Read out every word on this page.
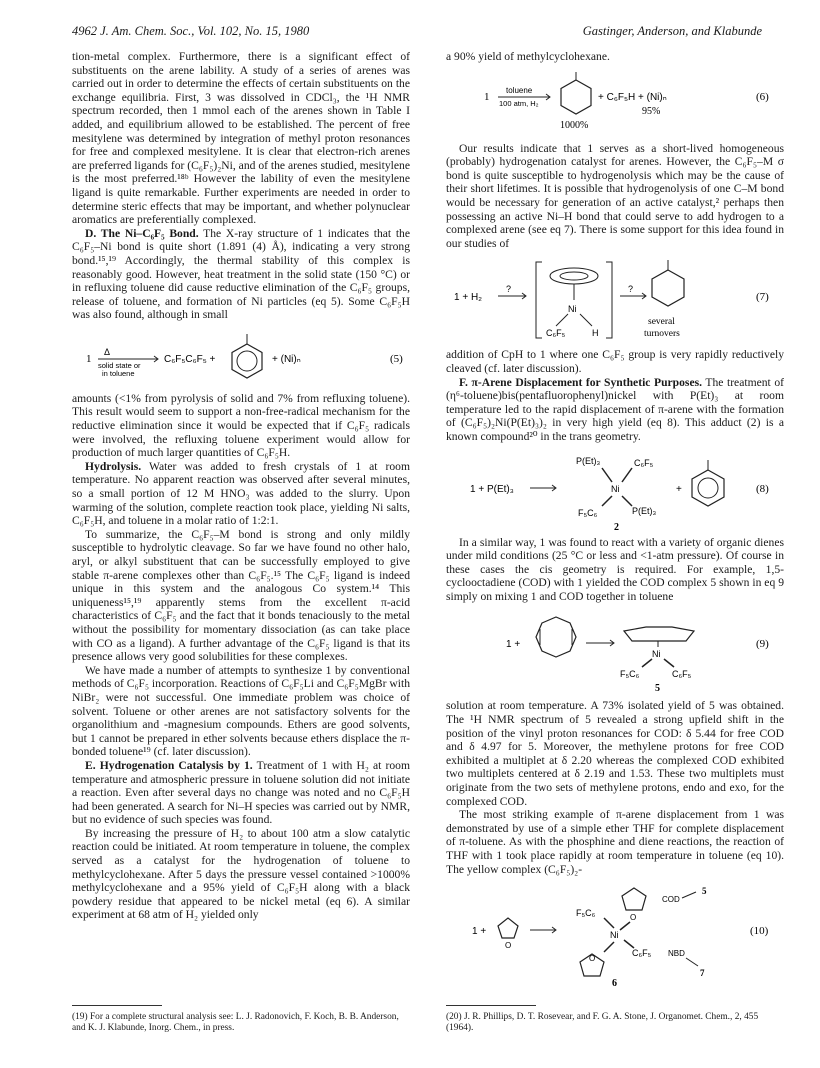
4962 J. Am. Chem. Soc., Vol. 102, No. 15, 1980	Gastinger, Anderson, and Klabunde

tion-metal complex. Furthermore, there is a significant effect of substituents on the arene lability. A study of a series of arenes was carried out in order to determine the effects of certain substituents on the exchange equilibria. First, 3 was dissolved in CDCl₃, the ¹H NMR spectrum recorded, then 1 mmol each of the arenes shown in Table I added, and equilibrium allowed to be established. The percent of free mesitylene was determined by integration of methyl proton resonances for free and complexed mesitylene. It is clear that electron-rich arenes are preferred ligands for (C₆F₅)₂Ni, and of the arenes studied, mesitylene is the most preferred.¹⁸ᵇ However the lability of even the mesitylene ligand is quite remarkable. Further experiments are needed in order to determine steric effects that may be important, and whether polynuclear aromatics are preferentially complexed.

D. The Ni–C₆F₅ Bond. The X-ray structure of 1 indicates that the C₆F₅–Ni bond is quite short (1.891 (4) Å), indicating a very strong bond.¹⁵,¹⁹ Accordingly, the thermal stability of this complex is reasonably good. However, heat treatment in the solid state (150 °C) or in refluxing toluene did cause reductive elimination of the C₆F₅ groups, release of toluene, and formation of Ni particles (eq 5). Some C₆F₅H was also found, although in small

1
Δ
solid state or
in toluene
C₆F₅C₆F₅ +	+ (Ni)ₙ	(5)

amounts (<1% from pyrolysis of solid and 7% from refluxing toluene). This result would seem to support a non-free-radical mechanism for the reductive elimination since it would be expected that if C₆F₅ radicals were involved, the refluxing toluene experiment would allow for production of much larger quantities of C₆F₅H.

Hydrolysis. Water was added to fresh crystals of 1 at room temperature. No apparent reaction was observed after several minutes, so a small portion of 12 M HNO₃ was added to the slurry. Upon warming of the solution, complete reaction took place, yielding Ni salts, C₆F₅H, and toluene in a molar ratio of 1:2:1.

To summarize, the C₆F₅–M bond is strong and only mildly susceptible to hydrolytic cleavage. So far we have found no other halo, aryl, or alkyl substituent that can be successfully employed to give stable π-arene complexes other than C₆F₅.¹⁵ The C₆F₅ ligand is indeed unique in this system and the analogous Co system.¹⁴ This uniqueness¹⁵,¹⁹ apparently stems from the excellent π-acid characteristics of C₆F₅ and the fact that it bonds tenaciously to the metal without the possibility for momentary dissociation (as can take place with CO as a ligand). A further advantage of the C₆F₅ ligand is that its presence allows very good solubilities for these complexes.

We have made a number of attempts to synthesize 1 by conventional methods of C₆F₅ incorporation. Reactions of C₆F₅Li and C₆F₅MgBr with NiBr₂ were not successful. One immediate problem was choice of solvent. Toluene or other arenes are not satisfactory solvents for the organolithium and -magnesium compounds. Ethers are good solvents, but 1 cannot be prepared in ether solvents because ethers displace the π-bonded toluene¹⁹ (cf. later discussion).

E. Hydrogenation Catalysis by 1. Treatment of 1 with H₂ at room temperature and atmospheric pressure in toluene solution did not initiate a reaction. Even after several days no change was noted and no C₆F₅H had been generated. A search for Ni–H species was carried out by NMR, but no evidence of such species was found.

By increasing the pressure of H₂ to about 100 atm a slow catalytic reaction could be initiated. At room temperature in toluene, the complex served as a catalyst for the hydrogenation of toluene to methylcyclohexane. After 5 days the pressure vessel contained >1000% methylcyclohexane and a 95% yield of C₆F₅H along with a black powdery residue that appeared to be nickel metal (eq 6). A similar experiment at 68 atm of H₂ yielded only

a 90% yield of methylcyclohexane.

1
toluene
100 atm, H₂
1000%
+ C₆F₅H + (Ni)ₙ
95%
(6)

Our results indicate that 1 serves as a short-lived homogeneous (probably) hydrogenation catalyst for arenes. However, the C₆F₅–M σ bond is quite susceptible to hydrogenolysis which may be the cause of their short lifetimes. It is possible that hydrogenolysis of one C–M bond would be necessary for generation of an active catalyst,² perhaps then possessing an active Ni–H bond that could serve to add hydrogen to a complexed arene (see eq 7). There is some support for this idea found in our studies of

1 + H₂
?
Ni
C₆F₅	H
?
several
turnovers
(7)

addition of CpH to 1 where one C₆F₅ group is very rapidly reductively cleaved (cf. later discussion).

F. π-Arene Displacement for Synthetic Purposes. The treatment of (η⁶-toluene)bis(pentafluorophenyl)nickel with P(Et)₃ at room temperature led to the rapid displacement of π-arene with the formation of (C₆F₅)₂Ni(P(Et)₃)₂ in very high yield (eq 8). This adduct (2) is a known compound²⁰ in the trans geometry.

1 + P(Et)₃
P(Et)₃	C₆F₅
Ni
F₅C₆	P(Et)₃
2
+	(8)

In a similar way, 1 was found to react with a variety of organic dienes under mild conditions (25 °C or less and <1-atm pressure). Of course in these cases the cis geometry is required. For example, 1,5-cyclooctadiene (COD) with 1 yielded the COD complex 5 shown in eq 9 simply on mixing 1 and COD together in toluene

1 +
Ni
F₅C₆	C₆F₅
5
(9)

solution at room temperature. A 73% isolated yield of 5 was obtained. The ¹H NMR spectrum of 5 revealed a strong upfield shift in the position of the vinyl proton resonances for COD: δ 5.44 for free COD and δ 4.97 for 5. Moreover, the methylene protons for free COD exhibited a multiplet at δ 2.20 whereas the complexed COD exhibited two multiplets centered at δ 2.19 and 1.53. These two multiplets must originate from the two sets of methylene protons, endo and exo, for the complexed COD.

The most striking example of π-arene displacement from 1 was demonstrated by use of a simple ether THF for complete displacement of π-toluene. As with the phosphine and diene reactions, the reaction of THF with 1 took place rapidly at room temperature in toluene (eq 10). The yellow complex (C₆F₅)₂-

1 +
O
O
F₅C₆
Ni
C₆F₅
O
COD
5
NBD
7
6
(10)
(19) For a complete structural analysis see: L. J. Radonovich, F. Koch, B. B. Anderson, and K. J. Klabunde, Inorg. Chem., in press.
(20) J. R. Phillips, D. T. Rosevear, and F. G. A. Stone, J. Organomet. Chem., 2, 455 (1964).
